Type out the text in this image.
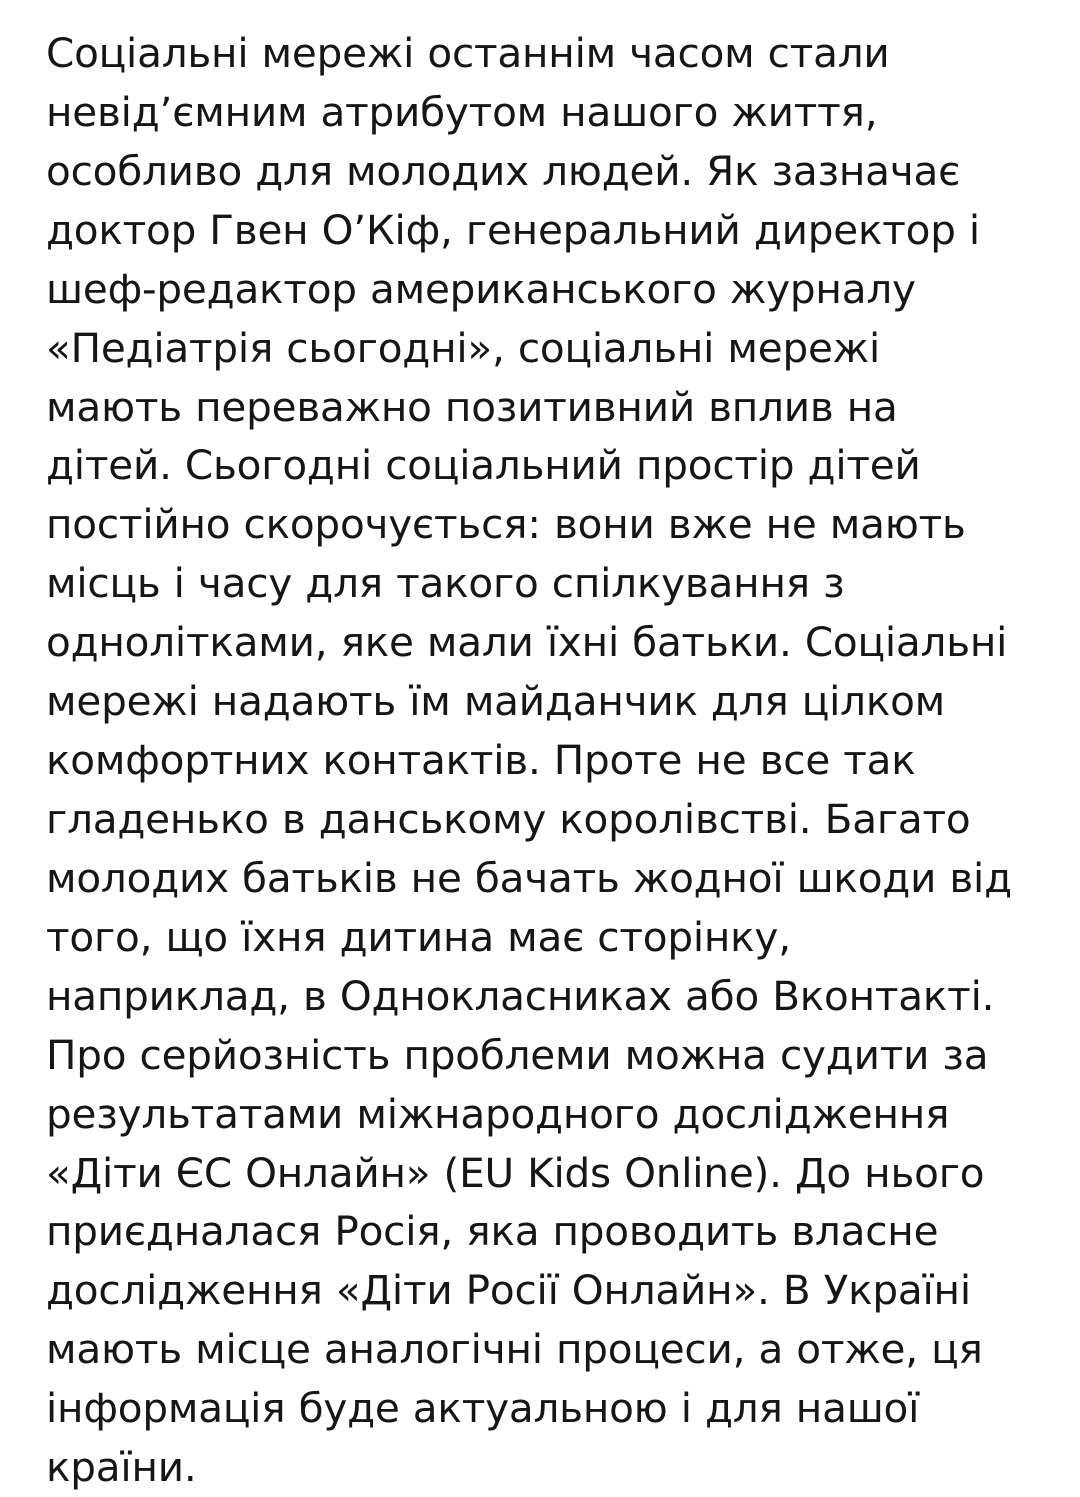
Соціальні мережі останнім часом стали невід’ємним атрибутом нашого життя, особливо для молодих людей. Як зазначає доктор Гвен О’Кіф, генеральний директор і шеф-редактор американського журналу «Педіатрія сьогодні», соціальні мережі мають переважно позитивний вплив на дітей. Сьогодні соціальний простір дітей постійно скорочується: вони вже не мають місць і часу для такого спілкування з однолітками, яке мали їхні батьки. Соціальні мережі надають їм майданчик для цілком комфортних контактів. Проте не все так гладенько в данському королівстві. Багато молодих батьків не бачать жодної шкоди від того, що їхня дитина має сторінку, наприклад, в Однокласниках або Вконтакті. Про серйозність проблеми можна судити за результатами міжнародного дослідження «Діти ЄС Онлайн» (EU Kids Online). До нього приєдналася Росія, яка проводить власне дослідження «Діти Росії Онлайн». В Україні мають місце аналогічні процеси, а отже, ця інформація буде актуальною і для нашої країни.
